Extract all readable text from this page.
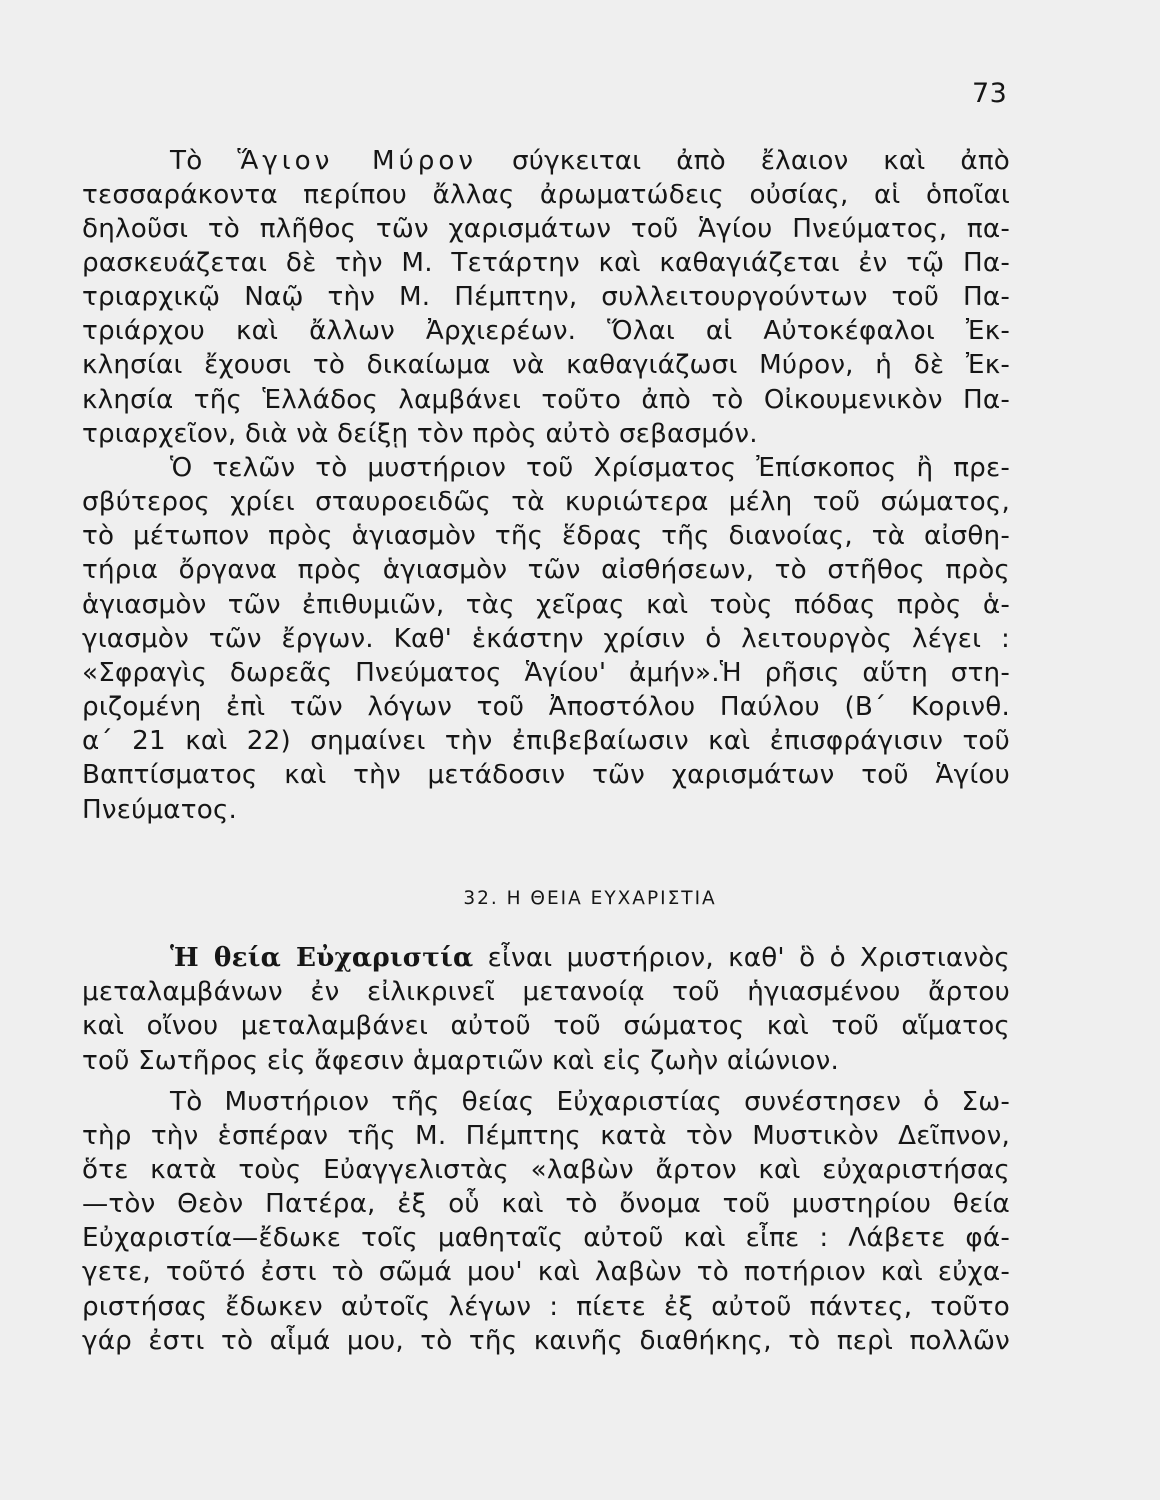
73
Τὸ Ἅγιον Μύρον σύγκειται ἀπὸ ἔλαιον καὶ ἀπὸ
τεσσαράκοντα περίπου ἄλλας ἀρωματώδεις οὐσίας, αἱ ὁποῖαι
δηλοῦσι τὸ πλῆθος τῶν χαρισμάτων τοῦ Ἁγίου Πνεύματος, πα-
ρασκευάζεται δὲ τὴν Μ. Τετάρτην καὶ καθαγιάζεται ἐν τῷ Πα-
τριαρχικῷ Ναῷ τὴν Μ. Πέμπτην, συλλειτουργούντων τοῦ Πα-
τριάρχου καὶ ἄλλων Ἀρχιερέων. Ὅλαι αἱ Αὐτοκέφαλοι Ἐκ-
κλησίαι ἔχουσι τὸ δικαίωμα νὰ καθαγιάζωσι Μύρον, ἡ δὲ Ἐκ-
κλησία τῆς Ἑλλάδος λαμβάνει τοῦτο ἀπὸ τὸ Οἰκουμενικὸν Πα-
τριαρχεῖον, διὰ νὰ δείξῃ τὸν πρὸς αὐτὸ σεβασμόν.
Ὁ τελῶν τὸ μυστήριον τοῦ Χρίσματος Ἐπίσκοπος ἢ πρε-
σβύτερος χρίει σταυροειδῶς τὰ κυριώτερα μέλη τοῦ σώματος,
τὸ μέτωπον πρὸς ἁγιασμὸν τῆς ἕδρας τῆς διανοίας, τὰ αἰσθη-
τήρια ὄργανα πρὸς ἁγιασμὸν τῶν αἰσθήσεων, τὸ στῆθος πρὸς
ἁγιασμὸν τῶν ἐπιθυμιῶν, τὰς χεῖρας καὶ τοὺς πόδας πρὸς ἁ-
γιασμὸν τῶν ἔργων. Καθ' ἑκάστην χρίσιν ὁ λειτουργὸς λέγει :
«Σφραγὶς δωρεᾶς Πνεύματος Ἁγίου' ἀμήν».Ἡ ρῆσις αὕτη στη-
ριζομένη ἐπὶ τῶν λόγων τοῦ Ἀποστόλου Παύλου (Β΄ Κορινθ.
α΄ 21 καὶ 22) σημαίνει τὴν ἐπιβεβαίωσιν καὶ ἐπισφράγισιν τοῦ
Βαπτίσματος καὶ τὴν μετάδοσιν τῶν χαρισμάτων τοῦ Ἁγίου
Πνεύματος.
32. Η ΘΕΙΑ ΕΥΧΑΡΙΣΤΙΑ
Ἡ θεία Εὐχαριστία εἶναι μυστήριον, καθ' ὃ ὁ Χριστιανὸς
μεταλαμβάνων ἐν εἰλικρινεῖ μετανοίᾳ τοῦ ἡγιασμένου ἄρτου
καὶ οἴνου μεταλαμβάνει αὐτοῦ τοῦ σώματος καὶ τοῦ αἵματος
τοῦ Σωτῆρος εἰς ἄφεσιν ἁμαρτιῶν καὶ εἰς ζωὴν αἰώνιον.
Τὸ Μυστήριον τῆς θείας Εὐχαριστίας συνέστησεν ὁ Σω-
τὴρ τὴν ἑσπέραν τῆς Μ. Πέμπτης κατὰ τὸν Μυστικὸν Δεῖπνον,
ὅτε κατὰ τοὺς Εὐαγγελιστὰς «λαβὼν ἄρτον καὶ εὐχαριστήσας
—τὸν Θεὸν Πατέρα, ἐξ οὗ καὶ τὸ ὄνομα τοῦ μυστηρίου θεία
Εὐχαριστία—ἔδωκε τοῖς μαθηταῖς αὐτοῦ καὶ εἶπε : Λάβετε φά-
γετε, τοῦτό ἐστι τὸ σῶμά μου' καὶ λαβὼν τὸ ποτήριον καὶ εὐχα-
ριστήσας ἔδωκεν αὐτοῖς λέγων : πίετε ἐξ αὐτοῦ πάντες, τοῦτο
γάρ ἐστι τὸ αἷμά μου, τὸ τῆς καινῆς διαθήκης, τὸ περὶ πολλῶν
